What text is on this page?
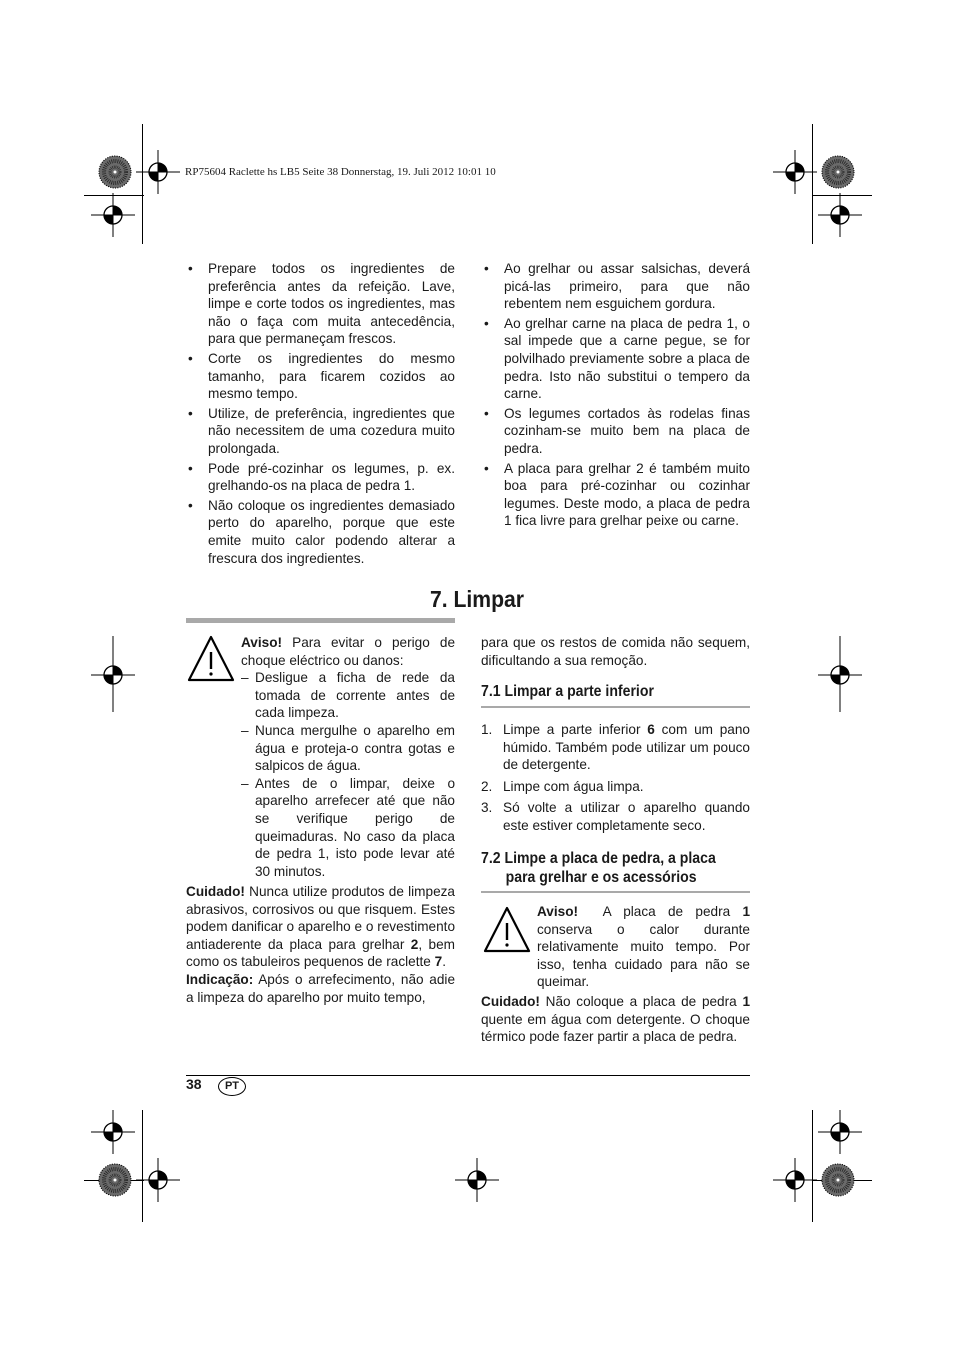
RP75604 Raclette hs LB5 Seite 38 Donnerstag, 19. Juli 2012 10:01 10
• Prepare todos os ingredientes de preferência antes da refeição. Lave, limpe e corte todos os ingredientes, mas não o faça com muita antecedência, para que permaneçam frescos.
• Corte os ingredientes do mesmo tamanho, para ficarem cozidos ao mesmo tempo.
• Utilize, de preferência, ingredientes que não necessitem de uma cozedura muito prolongada.
• Pode pré-cozinhar os legumes, p. ex. grelhando-os na placa de pedra 1.
• Não coloque os ingredientes demasiado perto do aparelho, porque que este emite muito calor podendo alterar a frescura dos ingredientes.
• Ao grelhar ou assar salsichas, deverá picá-las primeiro, para que não rebentem nem esguichem gordura.
• Ao grelhar carne na placa de pedra 1, o sal impede que a carne pegue, se for polvilhado previamente sobre a placa de pedra. Isto não substitui o tempero da carne.
• Os legumes cortados às rodelas finas cozinham-se muito bem na placa de pedra.
• A placa para grelhar 2 é também muito boa para pré-cozinhar ou cozinhar legumes. Deste modo, a placa de pedra 1 fica livre para grelhar peixe ou carne.
7. Limpar
Aviso! Para evitar o perigo de choque eléctrico ou danos:
– Desligue a ficha de rede da tomada de corrente antes de cada limpeza.
– Nunca mergulhe o aparelho em água e proteja-o contra gotas e salpicos de água.
– Antes de o limpar, deixe o aparelho arrefecer até que não se verifique perigo de queimaduras. No caso da placa de pedra 1, isto pode levar até 30 minutos.
Cuidado! Nunca utilize produtos de limpeza abrasivos, corrosivos ou que risquem. Estes podem danificar o aparelho e o revestimento antiaderente da placa para grelhar 2, bem como os tabuleiros pequenos de raclette 7.
Indicação: Após o arrefecimento, não adie a limpeza do aparelho por muito tempo,
para que os restos de comida não sequem, dificultando a sua remoção.
7.1 Limpar a parte inferior
1. Limpe a parte inferior 6 com um pano húmido. Também pode utilizar um pouco de detergente.
2. Limpe com água limpa.
3. Só volte a utilizar o aparelho quando este estiver completamente seco.
7.2 Limpe a placa de pedra, a placa
para grelhar e os acessórios
Aviso! A placa de pedra 1 conserva o calor durante relativamente muito tempo. Por isso, tenha cuidado para não se queimar.
Cuidado! Não coloque a placa de pedra 1 quente em água com detergente. O choque térmico pode fazer partir a placa de pedra.
38	PT
